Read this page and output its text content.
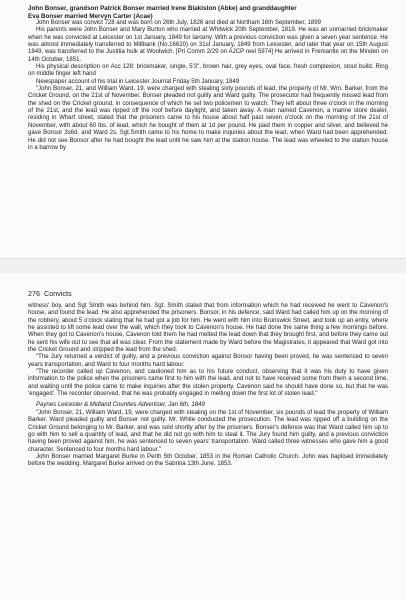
John Bonser, grandson Patrick Bonser married Irene Blakiston (Abke) and granddaughter

Eva Bonser married Mervyn Carter (Acae)

John Bonser was convict 728 and was born on 26th July, 1826 and died at Northam 16th September, 1899

His parents were John Bonser and Mary Burton who married at Whitwick 20th September, 1819. He was an unmarried brickmaker when he was convicted at Leicester on 1st January, 1849 for larceny. With a previous conviction was given a seven year sentence. He was almost immediately transferred to Millbank (No.16620) on 31st January, 1849 from Leicester, and later that year on 15th August 1849, was transferred to the Justitia hulk at Woolwich. [Pri Comm 2/29 on AJCP reel 5974] He arrived in Fremantle on the Minden on 14th October, 1851.

His physical description on Acc 128: brickmaker, single, 5'3", brown hair, grey eyes, oval face, fresh complexion, stout build. Ring on middle finger left hand

Newspaper account of his trial in Leicester Journal Friday 5th January, 1849

"John Bonser, 21, and William Ward, 19, were charged with stealing sixty pounds of lead, the property of Mr. Wm. Barker, from the Cricket Ground, on the 21st of November. Bonser pleaded not guilty and Ward guilty. The prosecutor had frequently missed lead from the shed on the Cricket ground, in consequence of which he set two policemen to watch. They left about three o'clock in the morning of the 21st, and the lead was ripped off the roof before daylight, and taken away. A man named Cavenon, a marine store dealer, residing in Wharf street, stated that the prisoners came to his house about half past seven o'clock on the morning of the 21st of November, with about 60 lbs. of lead, which he bought of them at 1d per pound. He paid them in copper and silver, and believed he gave Bonsor 3s6d. and Ward 2s. Sgt.Smith came to his home to make inquiries about the lead, when Ward had been apprehended. He did not see Bonsor after he had bought the lead until he saw him at the station house. The lead was wheeled to the station house in a barrow by

276 Convicts

witness' boy, and Sgt Smith was behind him. Sgt. Smith stated that from information which he had received he went to Cavenon's house, and found the lead. He also apprehended the prisoners. Bonsor, in his defence, said Ward had called him up on the morning of the robbery, about 5 o'clock stating that he had got a job for him. He went with him into Brunswick Street, and took up an entry, where he assisted to lift some lead over the wall, which they took to Cavenon's house. He had done the same thing a few mornings before. When they got to Cavenon's house, Cavenon told them he had melted the lead down that they brought first, and before they came out he sent his wife out to see that all was clear. From the statement made by Ward before the Magistrates, it appeared that Ward got into the Cricket Ground and stripped the lead from the shed.

"The Jury returned a verdict of guilty, and a previous conviction against Bonsor having been proved, he was sentenced to seven years transportation, and Ward to four months hard labour.

"The recorder called up Cavenon, and cautioned him as to his future conduct, observing that it was his duty to have given information to the police when the prisoners came first to him with the lead, and not to have received some from them a second time, and waiting until the police came to make inquiries after the stolen property. Cavenon said he should have done so, but that he was 'engaged'. The recorder observed, that he was probably engaged in melting down the first lot of stolen lead."

Paynes Leicester & Midland Counties Advertiser, Jan 6th, 1849

"John Bonser, 21, William Ward, 19, were charged with stealing on the 1st of November, six pounds of lead the property of William Barker. Ward pleaded guilty and Bonser not guilty. Mr. White conducted the prosecution. The lead was ripped off a building on the Cricket Ground belonging to Mr. Barker, and was sold shortly after by the prisoners. Bonser's defence was that Ward called him up to go with him to sell a quantity of lead, and that he did not go with him to steal it. The Jury found him guilty, and a previous conviction having been proved against him, he was sentenced to seven years' transportation. Ward called three witnesses who gave him a good character. Sentenced to four months hard labour."

John Bonser married Margaret Burke in Perth 5th October, 1853 in the Roman Catholic Church. John was baptised immediately before the wedding. Margaret Burke arrived on the Sabrina 13th June, 1853.
